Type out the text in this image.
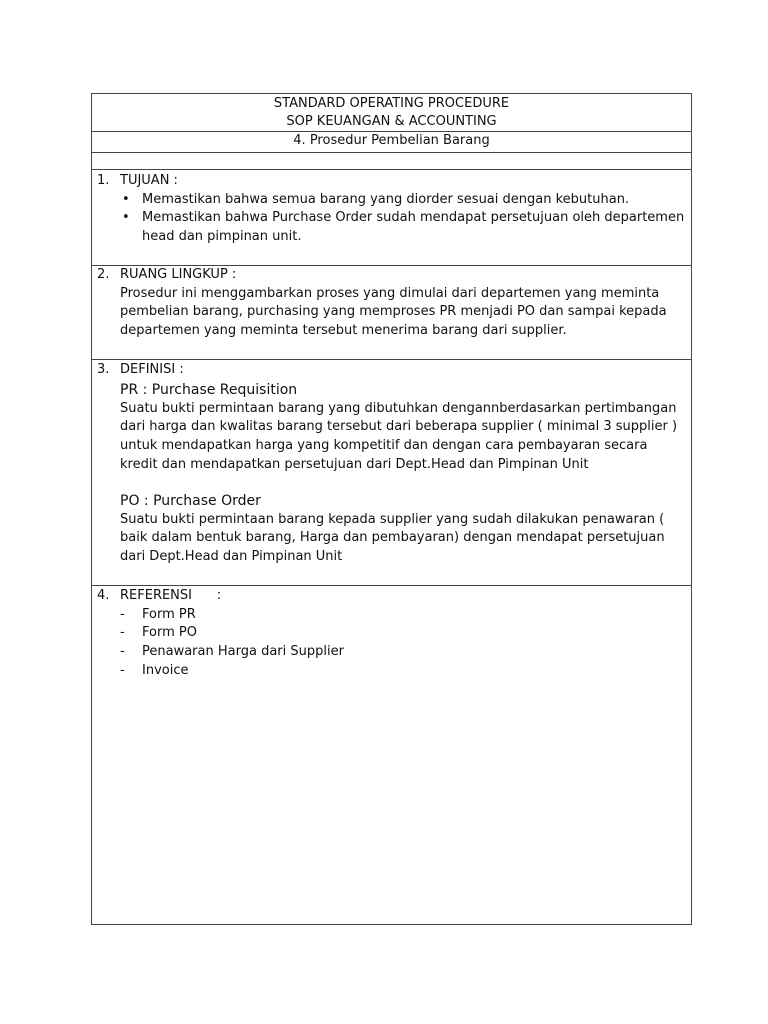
STANDARD OPERATING PROCEDURE
SOP KEUANGAN & ACCOUNTING
4. Prosedur Pembelian Barang
1. TUJUAN :
• Memastikan bahwa semua barang yang diorder sesuai dengan kebutuhan.
• Memastikan bahwa Purchase Order sudah mendapat persetujuan oleh departemen head dan pimpinan unit.
2. RUANG LINGKUP :
Prosedur ini menggambarkan proses yang dimulai dari departemen yang meminta pembelian barang, purchasing yang memproses PR menjadi PO dan sampai kepada departemen yang meminta tersebut menerima barang dari supplier.
3. DEFINISI :
PR : Purchase Requisition
Suatu bukti permintaan barang yang dibutuhkan dengannberdasarkan pertimbangan dari harga dan kwalitas barang tersebut dari beberapa supplier ( minimal 3 supplier ) untuk mendapatkan harga yang kompetitif dan dengan cara pembayaran secara kredit dan mendapatkan persetujuan dari Dept.Head dan Pimpinan Unit
PO : Purchase Order
Suatu bukti permintaan barang kepada supplier yang sudah dilakukan penawaran ( baik dalam bentuk barang, Harga dan pembayaran) dengan mendapat persetujuan dari Dept.Head dan Pimpinan Unit
4. REFERENSI      :
- Form PR
- Form PO
- Penawaran Harga dari Supplier
- Invoice
